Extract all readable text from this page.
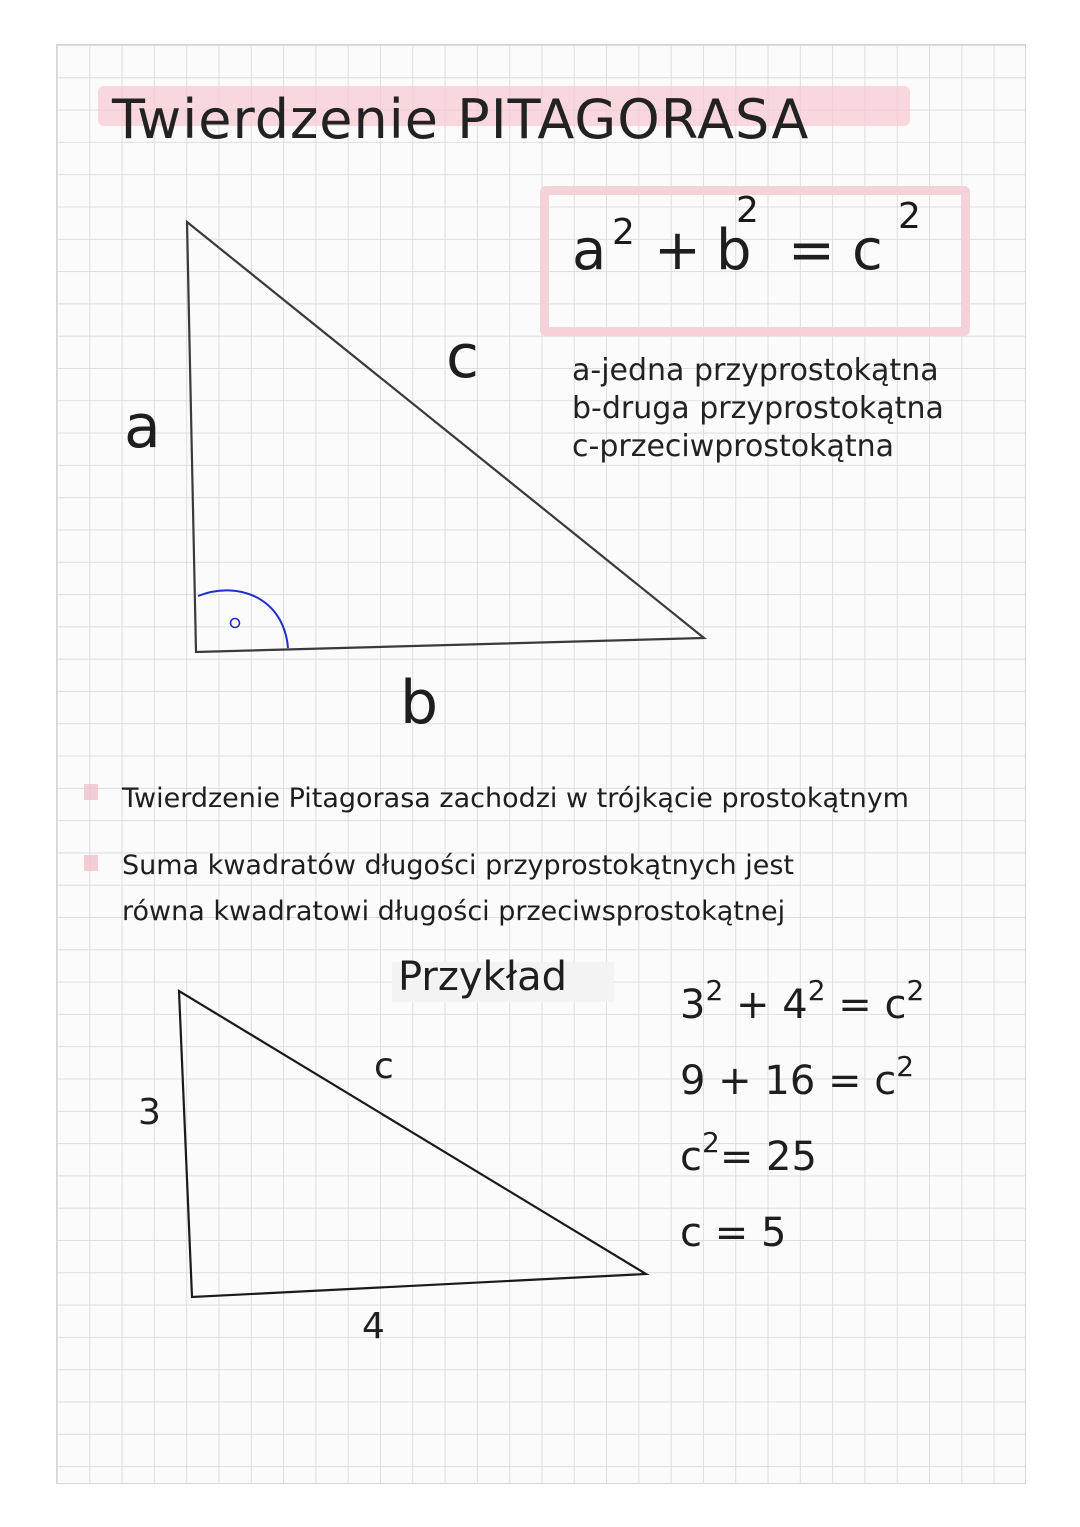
Twierdzenie PITAGORASA
a 2 + b
2
= c
2
a
c
b
a-jedna przyprostokątna
b-druga przyprostokątna
c-przeciwprostokątna
Twierdzenie Pitagorasa zachodzi w trójkącie prostokątnym
Suma kwadratów długości przyprostokątnych jest
równa kwadratowi długości przeciwsprostokątnej
Przykład
3
c
4
$3^2 + 4^2 = c^2$
$9 + 16 = c^2$
$c^2= 25$
c = 5
